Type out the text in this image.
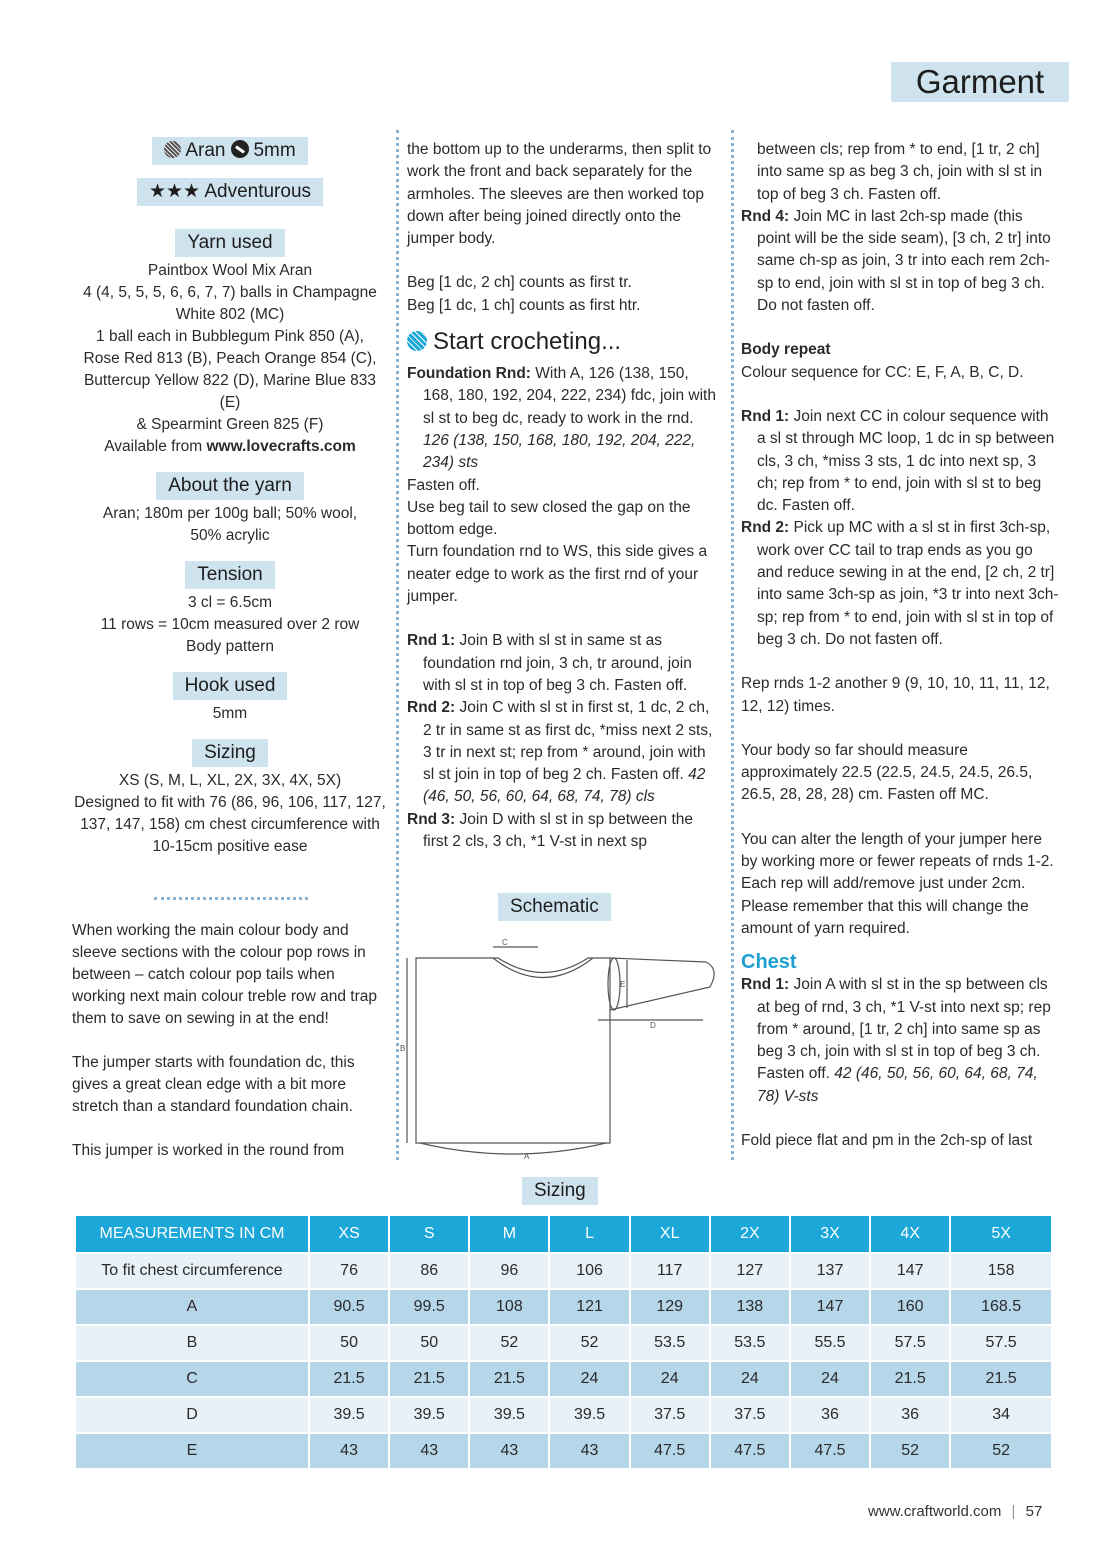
Garment
Aran 5mm
★★★ Adventurous
Yarn used

Paintbox Wool Mix Aran

4 (4, 5, 5, 5, 6, 6, 7, 7) balls in Champagne

White 802 (MC)

1 ball each in Bubblegum Pink 850 (A),

Rose Red 813 (B), Peach Orange 854 (C),

Buttercup Yellow 822 (D), Marine Blue 833 (E)

& Spearmint Green 825 (F)

Available from www.lovecrafts.com

About the yarn

Aran; 180m per 100g ball; 50% wool,

50% acrylic

Tension

3 cl = 6.5cm

11 rows = 10cm measured over 2 row

Body pattern

Hook used

5mm

Sizing

XS (S, M, L, XL, 2X, 3X, 4X, 5X)

Designed to fit with 76 (86, 96, 106, 117, 127,

137, 147, 158) cm chest circumference with

10-15cm positive ease

When working the main colour body and sleeve sections with the colour pop rows in between – catch colour pop tails when working next main colour treble row and trap them to save on sewing in at the end!

The jumper starts with foundation dc, this gives a great clean edge with a bit more stretch than a standard foundation chain.

This jumper is worked in the round from

the bottom up to the underarms, then split to work the front and back separately for the armholes. The sleeves are then worked top down after being joined directly onto the jumper body.

Beg [1 dc, 2 ch] counts as first tr.

Beg [1 dc, 1 ch] counts as first htr.

Start crocheting...

Foundation Rnd: With A, 126 (138, 150, 168, 180, 192, 204, 222, 234) fdc, join with sl st to beg dc, ready to work in the rnd.

126 (138, 150, 168, 180, 192, 204, 222, 234) sts

Fasten off.

Use beg tail to sew closed the gap on the bottom edge.

Turn foundation rnd to WS, this side gives a neater edge to work as the first rnd of your jumper.

Rnd 1: Join B with sl st in same st as foundation rnd join, 3 ch, tr around, join with sl st in top of beg 3 ch. Fasten off.

Rnd 2: Join C with sl st in first st, 1 dc, 2 ch, 2 tr in same st as first dc, *miss next 2 sts, 3 tr in next st; rep from * around, join with sl st join in top of beg 2 ch. Fasten off. 42 (46, 50, 56, 60, 64, 68, 74, 78) cls

Rnd 3: Join D with sl st in sp between the first 2 cls, 3 ch, *1 V-st in next sp

Schematic
C
B
A
D
E

between cls; rep from * to end, [1 tr, 2 ch] into same sp as beg 3 ch, join with sl st in top of beg 3 ch. Fasten off.

Rnd 4: Join MC in last 2ch-sp made (this point will be the side seam), [3 ch, 2 tr] into same ch-sp as join, 3 tr into each rem 2ch-sp to end, join with sl st in top of beg 3 ch. Do not fasten off.

Body repeat

Colour sequence for CC: E, F, A, B, C, D.

Rnd 1: Join next CC in colour sequence with a sl st through MC loop, 1 dc in sp between cls, 3 ch, *miss 3 sts, 1 dc into next sp, 3 ch; rep from * to end, join with sl st to beg dc. Fasten off.

Rnd 2: Pick up MC with a sl st in first 3ch-sp, work over CC tail to trap ends as you go and reduce sewing in at the end, [2 ch, 2 tr] into same 3ch-sp as join, *3 tr into next 3ch-sp; rep from * to end, join with sl st in top of beg 3 ch. Do not fasten off.

Rep rnds 1-2 another 9 (9, 10, 10, 11, 11, 12, 12, 12) times.

Your body so far should measure approximately 22.5 (22.5, 24.5, 24.5, 26.5, 26.5, 28, 28, 28) cm. Fasten off MC.

You can alter the length of your jumper here by working more or fewer repeats of rnds 1-2. Each rep will add/remove just under 2cm. Please remember that this will change the amount of yarn required.

Chest

Rnd 1: Join A with sl st in the sp between cls at beg of rnd, 3 ch, *1 V-st into next sp; rep from * around, [1 tr, 2 ch] into same sp as beg 3 ch, join with sl st in top of beg 3 ch. Fasten off. 42 (46, 50, 56, 60, 64, 68, 74, 78) V-sts

Fold piece flat and pm in the 2ch-sp of last

Sizing
MEASUREMENTS IN CM	XS	S	M	L	XL	2X	3X	4X	5X
To fit chest circumference	76	86	96	106	117	127	137	147	158
A	90.5	99.5	108	121	129	138	147	160	168.5
B	50	50	52	52	53.5	53.5	55.5	57.5	57.5
C	21.5	21.5	21.5	24	24	24	24	21.5	21.5
D	39.5	39.5	39.5	39.5	37.5	37.5	36	36	34
E	43	43	43	43	47.5	47.5	47.5	52	52
www.craftworld.com | 57
